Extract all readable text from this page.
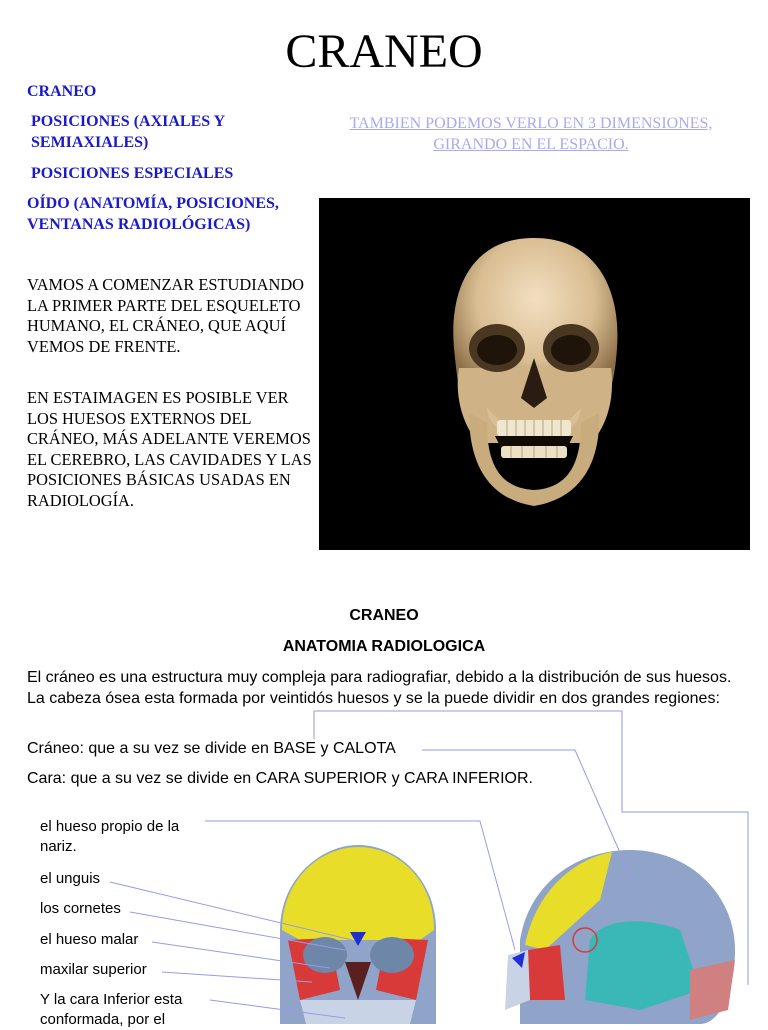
CRANEO
CRANEO
POSICIONES (AXIALES Y SEMIAXIALES)
POSICIONES ESPECIALES
OÍDO (ANATOMÍA, POSICIONES, VENTANAS RADIOLÓGICAS)
TAMBIEN PODEMOS VERLO EN 3 DIMENSIONES, GIRANDO EN EL ESPACIO.
VAMOS A COMENZAR ESTUDIANDO LA PRIMER PARTE DEL ESQUELETO HUMANO, EL CRÁNEO, QUE AQUÍ VEMOS DE FRENTE.
EN ESTAIMAGEN ES POSIBLE VER LOS HUESOS EXTERNOS DEL CRÁNEO, MÁS ADELANTE VEREMOS EL CEREBRO, LAS CAVIDADES Y LAS POSICIONES BÁSICAS USADAS EN RADIOLOGÍA.
CRANEO
ANATOMIA RADIOLOGICA
El cráneo es una estructura muy compleja para radiografiar, debido a la distribución de sus huesos. La cabeza ósea esta formada por veintidós huesos y se la puede dividir en dos grandes regiones:
Cráneo: que a su vez se divide en BASE y CALOTA
Cara: que a su vez se divide en CARA SUPERIOR y CARA INFERIOR.
el hueso propio de la nariz.
el unguis
los cornetes
el hueso malar
maxilar superior
Y la cara Inferior esta conformada, por el
